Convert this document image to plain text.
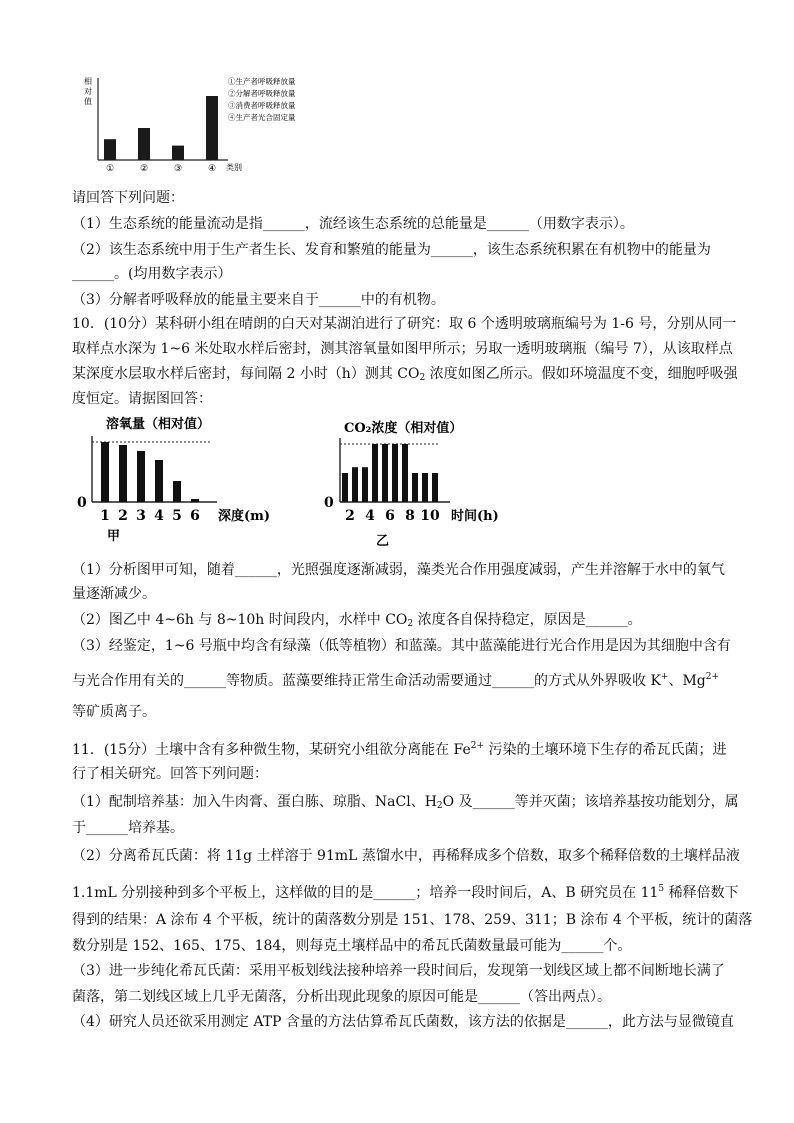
相
对
值
①	②	③	④ 类别
①生产者呼吸释放量
②分解者呼吸释放量
③消费者呼吸释放量
④生产者光合固定量
请回答下列问题：
（1）生态系统的能量流动是指______，流经该生态系统的总能量是______（用数字表示）。
（2）该生态系统中用于生产者生长、发育和繁殖的能量为______，该生态系统积累在有机物中的能量为
______。(均用数字表示）
（3）分解者呼吸释放的能量主要来自于______中的有机物。
10．(10分）某科研小组在晴朗的白天对某湖泊进行了研究：取 6 个透明玻璃瓶编号为 1-6 号，分别从同一
取样点水深为 1~6 米处取水样后密封，测其溶氧量如图甲所示；另取一透明玻璃瓶（编号 7），从该取样点
某深度水层取水样后密封，每间隔 2 小时（h）测其 $CO_2$ 浓度如图乙所示。假如环境温度不变，细胞呼吸强
度恒定。请据图回答：
溶氧量（相对值）
0
1 2 3 4 5 6 深度(m)
甲
CO₂浓度（相对值）
0
2 4 6 8 10 时间(h)
乙
（1）分析图甲可知，随着______，光照强度逐渐减弱，藻类光合作用强度减弱，产生并溶解于水中的氧气
量逐渐减少。
（2）图乙中 4~6h 与 8~10h 时间段内，水样中 $CO_2$ 浓度各自保持稳定，原因是______。
（3）经鉴定，1~6 号瓶中均含有绿藻（低等植物）和蓝藻。其中蓝藻能进行光合作用是因为其细胞中含有
与光合作用有关的______等物质。蓝藻要维持正常生命活动需要通过______的方式从外界吸收 K+、$Mg^{2+}$
等矿质离子。
11．(15分）土壤中含有多种微生物，某研究小组欲分离能在 $Fe^{2+}$ 污染的土壤环境下生存的希瓦氏菌；进
行了相关研究。回答下列问题：
（1）配制培养基：加入牛肉膏、蛋白胨、琼脂、NaCl、$H_2O$ 及______等并灭菌；该培养基按功能划分，属
于______培养基。
（2）分离希瓦氏菌：将 11g 土样溶于 91mL 蒸馏水中，再稀释成多个倍数，取多个稀释倍数的土壤样品液
1.1mL 分别接种到多个平板上，这样做的目的是______；培养一段时间后，A、B 研究员在 $11^5$ 稀释倍数下
得到的结果：A 涂布 4 个平板，统计的菌落数分别是 151、178、259、311；B 涂布 4 个平板，统计的菌落
数分别是 152、165、175、184，则每克土壤样品中的希瓦氏菌数量最可能为______个。
（3）进一步纯化希瓦氏菌：采用平板划线法接种培养一段时间后，发现第一划线区域上都不间断地长满了
菌落，第二划线区域上几乎无菌落，分析出现此现象的原因可能是______（答出两点）。
（4）研究人员还欲采用测定 ATP 含量的方法估算希瓦氏菌数，该方法的依据是______，此方法与显微镜直
